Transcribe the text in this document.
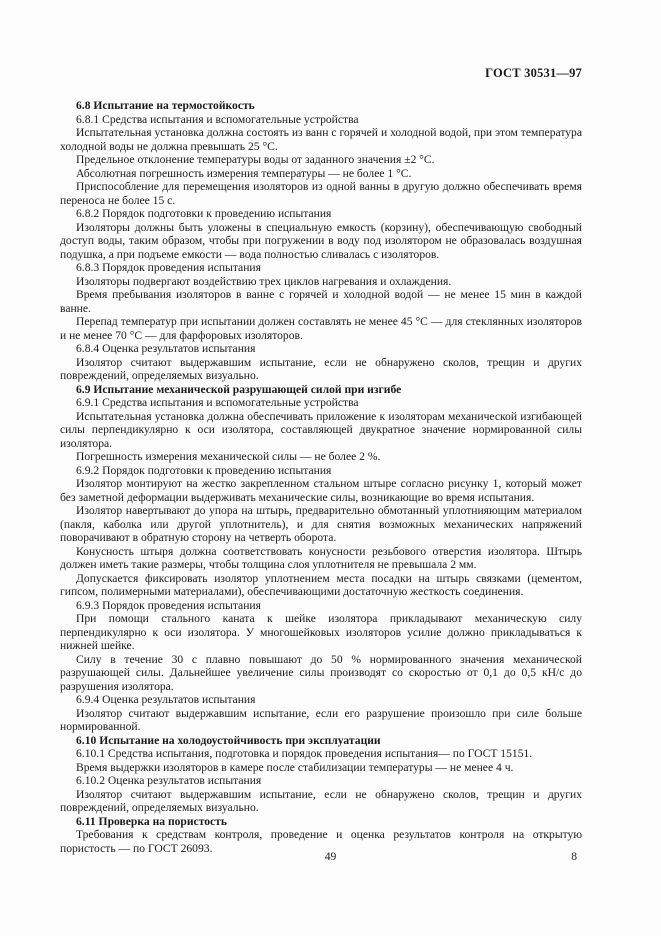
ГОСТ 30531—97

6.8 Испытание на термостойкость

6.8.1 Средства испытания и вспомогательные устройства

Испытательная установка должна состоять из ванн с горячей и холодной водой, при этом температура холодной воды не должна превышать 25 °С.

Предельное отклонение температуры воды от заданного значения ±2 °С.

Абсолютная погрешность измерения температуры — не более 1 °С.

Приспособление для перемещения изоляторов из одной ванны в другую должно обеспечивать время переноса не более 15 с.

6.8.2 Порядок подготовки к проведению испытания

Изоляторы должны быть уложены в специальную емкость (корзину), обеспечивающую свободный доступ воды, таким образом, чтобы при погружении в воду под изолятором не образовалась воздушная подушка, а при подъеме емкости — вода полностью сливалась с изоляторов.

6.8.3 Порядок проведения испытания

Изоляторы подвергают воздействию трех циклов нагревания и охлаждения.

Время пребывания изоляторов в ванне с горячей и холодной водой — не менее 15 мин в каждой ванне.

Перепад температур при испытании должен составлять не менее 45 °С — для стеклянных изоляторов и не менее 70 °С — для фарфоровых изоляторов.

6.8.4 Оценка результатов испытания

Изолятор считают выдержавшим испытание, если не обнаружено сколов, трещин и других повреждений, определяемых визуально.

6.9 Испытание механической разрушающей силой при изгибе

6.9.1 Средства испытания и вспомогательные устройства

Испытательная установка должна обеспечивать приложение к изоляторам механической изгибающей силы перпендикулярно к оси изолятора, составляющей двукратное значение нормированной силы изолятора.

Погрешность измерения механической силы — не более 2 %.

6.9.2 Порядок подготовки к проведению испытания

Изолятор монтируют на жестко закрепленном стальном штыре согласно рисунку 1, который может без заметной деформации выдерживать механические силы, возникающие во время испытания.

Изолятор навертывают до упора на штырь, предварительно обмотанный уплотнияющим материалом (пакля, каболка или другой уплотнитель), и для снятия возможных механических напряжений поворачивают в обратную сторону на четверть оборота.

Конусность штыря должна соответствовать конусности резьбового отверстия изолятора. Штырь должен иметь такие размеры, чтобы толщина слоя уплотнителя не превышала 2 мм.

Допускается фиксировать изолятор уплотнением места посадки на штырь связками (цементом, гипсом, полимерными материалами), обеспечивающими достаточную жесткость соединения.

6.9.3 Порядок проведения испытания

При помощи стального каната к шейке изолятора прикладывают механическую силу перпендикулярно к оси изолятора. У многошейковых изоляторов усилие должно прикладываться к нижней шейке.

Силу в течение 30 с плавно повышают до 50 % нормированного значения механической разрушающей силы. Дальнейшее увеличение силы производят со скоростью от 0,1 до 0,5 кН/с до разрушения изолятора.

6.9.4 Оценка результатов испытания

Изолятор считают выдержавшим испытание, если его разрушение произошло при силе больше нормированной.

6.10 Испытание на холодоустойчивость при эксплуатации

6.10.1 Средства испытания, подготовка и порядок проведения испытания— по ГОСТ 15151.

Время выдержки изоляторов в камере после стабилизации температуры — не менее 4 ч.

6.10.2 Оценка результатов испытания

Изолятор считают выдержавшим испытание, если не обнаружено сколов, трещин и других повреждений, определяемых визуально.

6.11 Проверка на пористость

Требования к средствам контроля, проведение и оценка результатов контроля на открытую пористость — по ГОСТ 26093.

49	8
